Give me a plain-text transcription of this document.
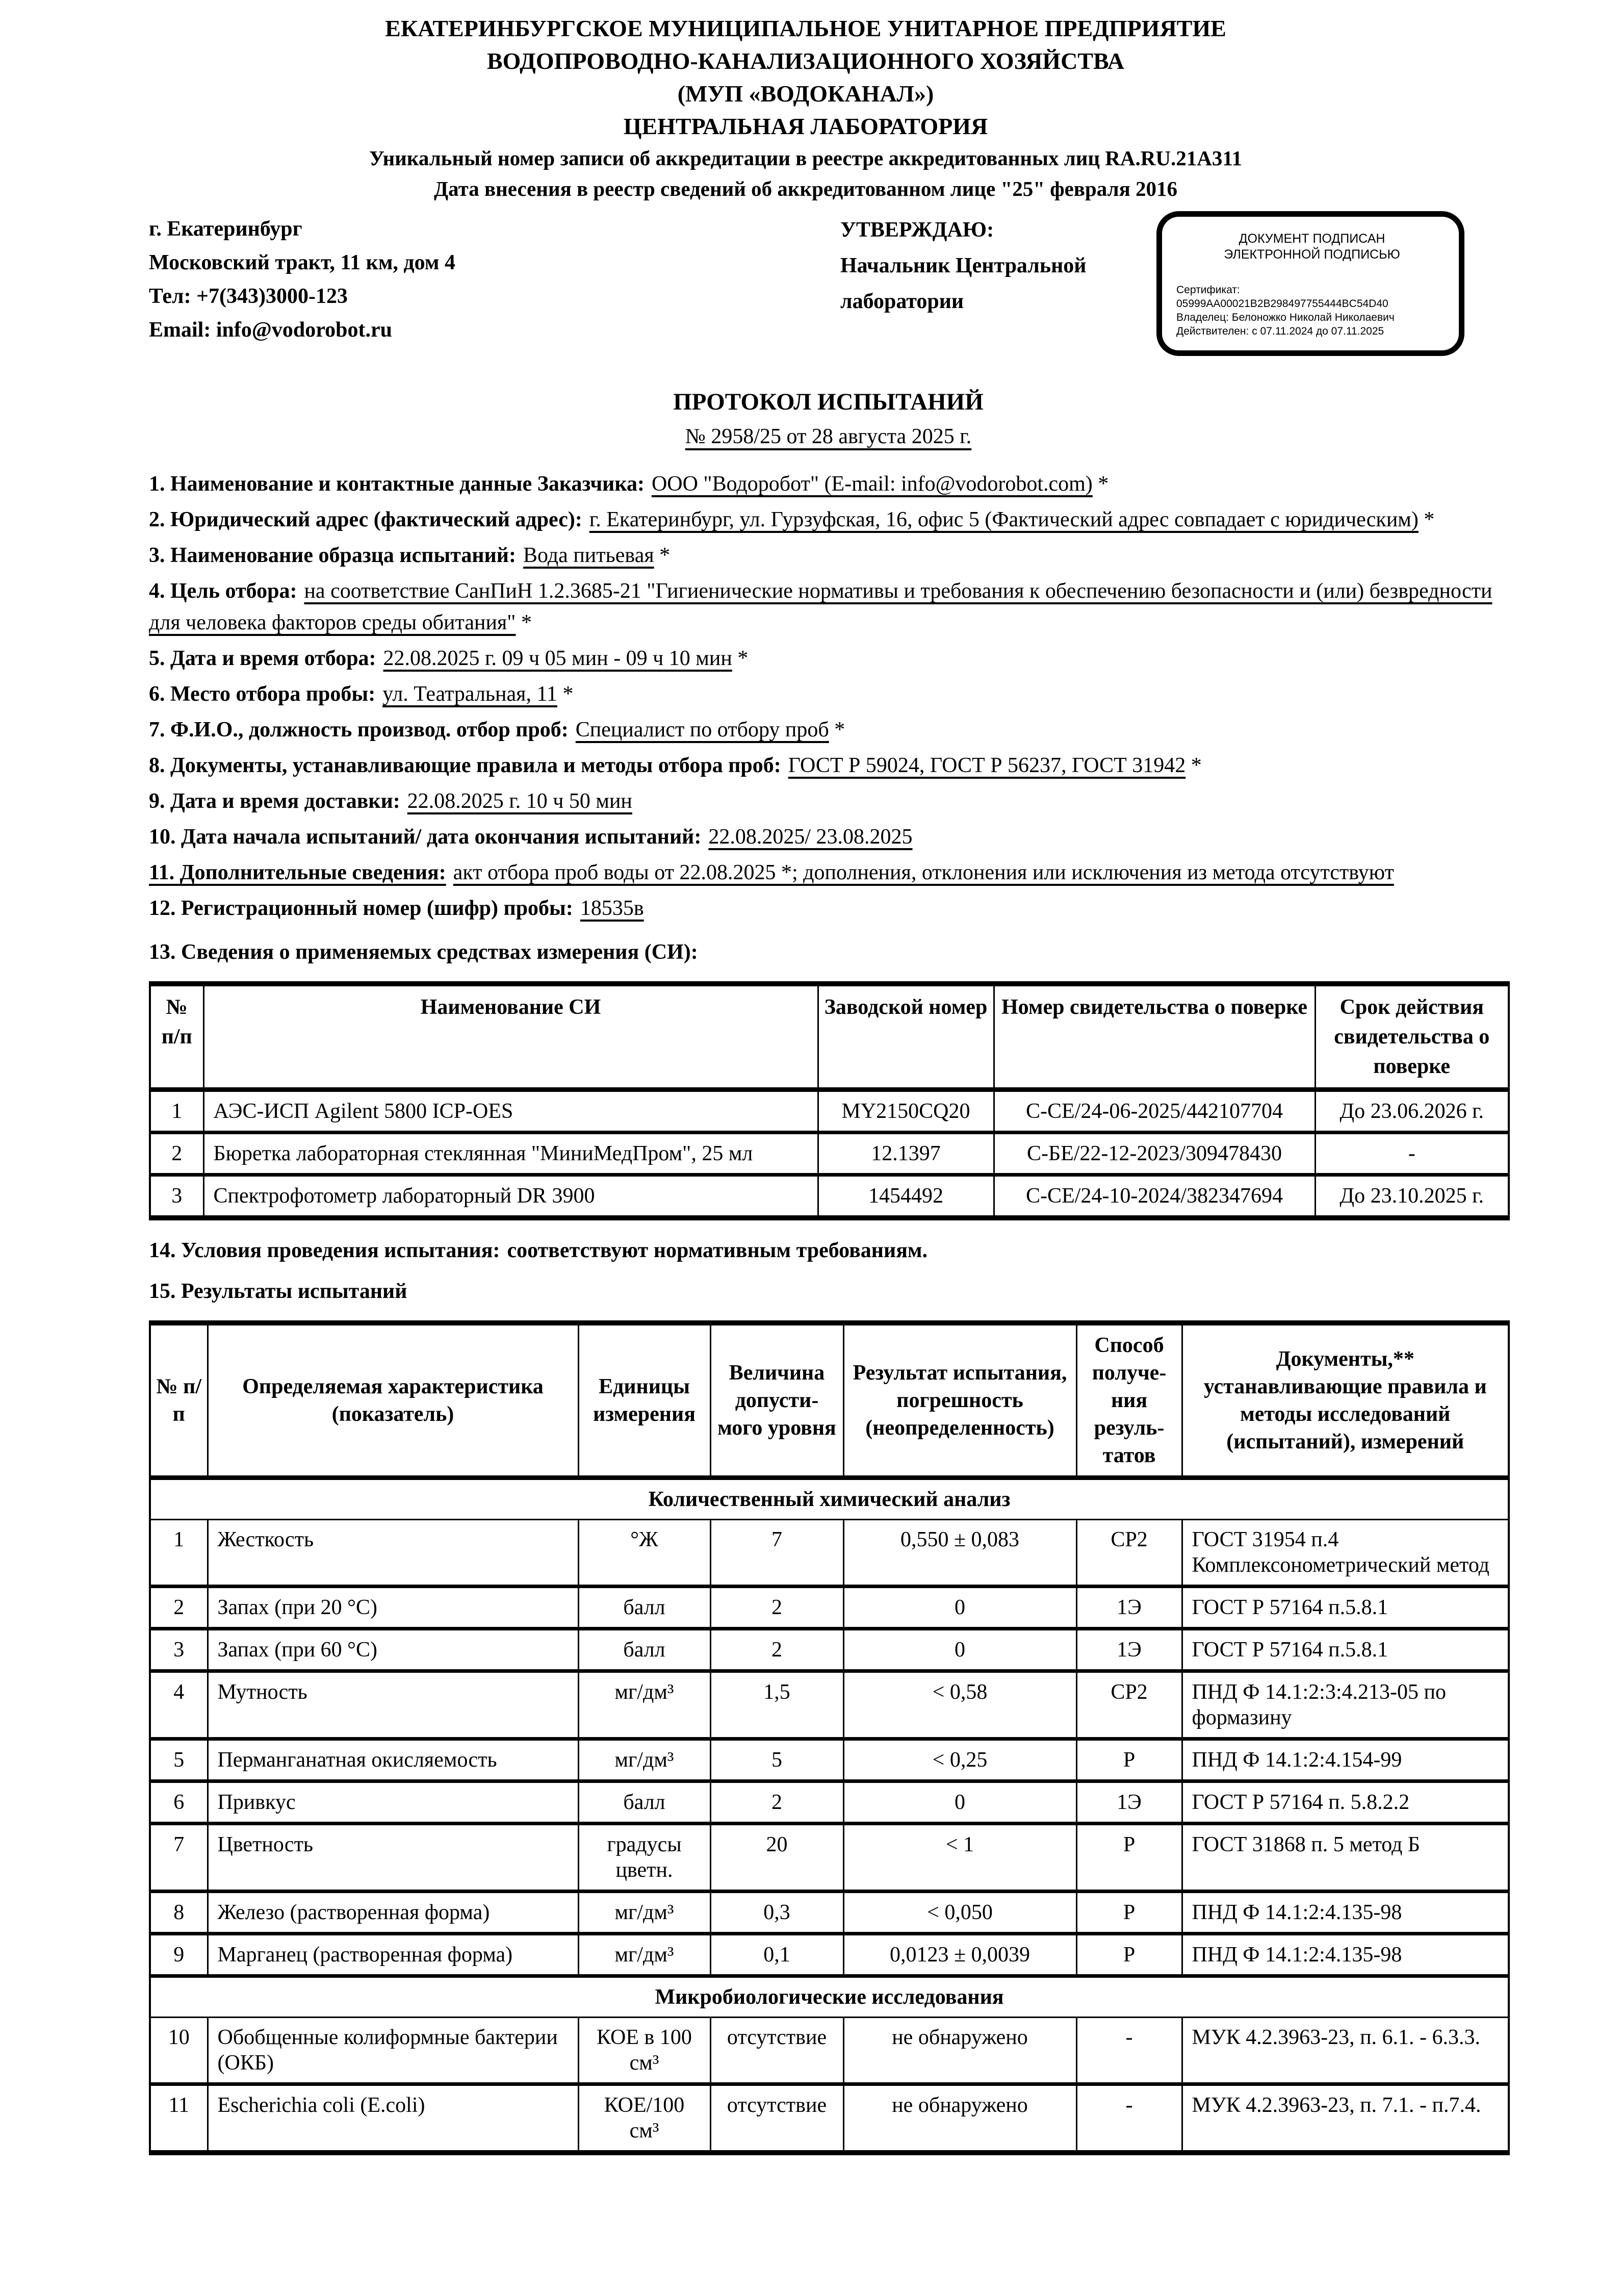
ЕКАТЕРИНБУРГСКОЕ МУНИЦИПАЛЬНОЕ УНИТАРНОЕ ПРЕДПРИЯТИЕ
ВОДОПРОВОДНО-КАНАЛИЗАЦИОННОГО ХОЗЯЙСТВА
(МУП «ВОДОКАНАЛ»)
ЦЕНТРАЛЬНАЯ ЛАБОРАТОРИЯ
Уникальный номер записи об аккредитации в реестре аккредитованных лиц RA.RU.21A311
Дата внесения в реестр сведений об аккредитованном лице "25" февраля 2016
г. Екатеринбург
Московский тракт, 11 км, дом 4
Тел: +7(343)3000-123
Email: info@vodorobot.ru
УТВЕРЖДАЮ:
Начальник Центральной
лаборатории
ДОКУМЕНТ ПОДПИСАН
ЭЛЕКТРОННОЙ ПОДПИСЬЮ
Сертификат:
05999AA00021B2B298497755444BC54D40
Владелец: Белоножко Николай Николаевич
Действителен: с 07.11.2024 до 07.11.2025
ПРОТОКОЛ ИСПЫТАНИЙ
№ 2958/25 от 28 августа 2025 г.
1. Наименование и контактные данные Заказчика: ООО "Водоробот" (E-mail: info@vodorobot.com) *
2. Юридический адрес (фактический адрес): г. Екатеринбург, ул. Гурзуфская, 16, офис 5 (Фактический адрес совпадает с юридическим) *
3. Наименование образца испытаний: Вода питьевая *
4. Цель отбора: на соответствие СанПиН 1.2.3685-21 "Гигиенические нормативы и требования к обеспечению безопасности и (или) безвредности для человека факторов среды обитания" *
5. Дата и время отбора: 22.08.2025 г. 09 ч 05 мин - 09 ч 10 мин *
6. Место отбора пробы: ул. Театральная, 11 *
7. Ф.И.О., должность производ. отбор проб: Специалист по отбору проб *
8. Документы, устанавливающие правила и методы отбора проб: ГОСТ Р 59024, ГОСТ Р 56237, ГОСТ 31942 *
9. Дата и время доставки: 22.08.2025 г. 10 ч 50 мин
10. Дата начала испытаний/ дата окончания испытаний: 22.08.2025/ 23.08.2025
11. Дополнительные сведения: акт отбора проб воды от 22.08.2025 *; дополнения, отклонения или исключения из метода отсутствуют
12. Регистрационный номер (шифр) пробы: 18535в
13. Сведения о применяемых средствах измерения (СИ):
№ п/п	Наименование СИ	Заводской номер	Номер свидетельства о поверке	Срок действия свидетельства о поверке
1	АЭС-ИСП Agilent 5800 ICP-OES	MY2150CQ20	С-СЕ/24-06-2025/442107704	До 23.06.2026 г.
2	Бюретка лабораторная стеклянная "МиниМедПром", 25 мл	12.1397	С-БЕ/22-12-2023/309478430	-
3	Спектрофотометр лабораторный DR 3900	1454492	С-СЕ/24-10-2024/382347694	До 23.10.2025 г.
14. Условия проведения испытания: соответствуют нормативным требованиям.
15. Результаты испытаний
№ п/п	Определяемая характеристика (показатель)	Единицы измерения	Величина допусти-мого уровня	Результат испытания, погрешность (неопределенность)	Способ получе-ния резуль-татов	Документы,** устанавливающие правила и методы исследований (испытаний), измерений
Количественный химический анализ						
1	Жесткость	°Ж	7	0,550 ± 0,083	СР2	ГОСТ 31954 п.4 Комплексонометрический метод
2	Запах (при 20 °С)	балл	2	0	1Э	ГОСТ Р 57164 п.5.8.1
3	Запах (при 60 °С)	балл	2	0	1Э	ГОСТ Р 57164 п.5.8.1
4	Мутность	мг/дм³	1,5	< 0,58	СР2	ПНД Ф 14.1:2:3:4.213-05 по формазину
5	Перманганатная окисляемость	мг/дм³	5	< 0,25	Р	ПНД Ф 14.1:2:4.154-99
6	Привкус	балл	2	0	1Э	ГОСТ Р 57164 п. 5.8.2.2
7	Цветность	градусы цветн.	20	< 1	Р	ГОСТ 31868 п. 5 метод Б
8	Железо (растворенная форма)	мг/дм³	0,3	< 0,050	Р	ПНД Ф 14.1:2:4.135-98
9	Марганец (растворенная форма)	мг/дм³	0,1	0,0123 ± 0,0039	Р	ПНД Ф 14.1:2:4.135-98
Микробиологические исследования						
10	Обобщенные колиформные бактерии (ОКБ)	КОЕ в 100 см³	отсутствие	не обнаружено	-	МУК 4.2.3963-23, п. 6.1. - 6.3.3.
11	Escherichia coli (E.coli)	КОЕ/100 см³	отсутствие	не обнаружено	-	МУК 4.2.3963-23, п. 7.1. - п.7.4.
